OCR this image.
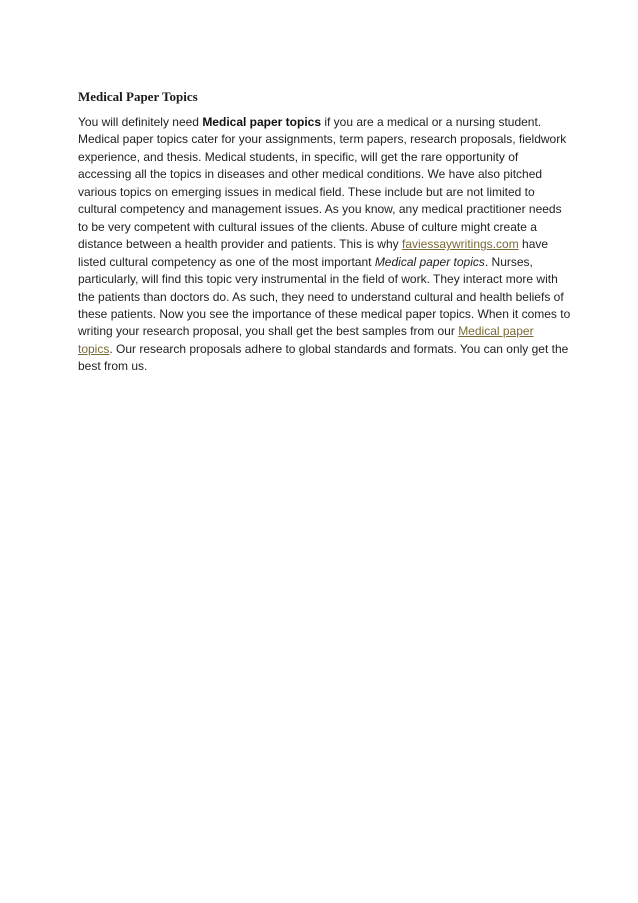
Medical Paper Topics
You will definitely need Medical paper topics if you are a medical or a nursing student.
Medical paper topics cater for your assignments, term papers, research proposals, fieldwork
experience, and thesis. Medical students, in specific, will get the rare opportunity of
accessing all the topics in diseases and other medical conditions. We have also pitched
various topics on emerging issues in medical field. These include but are not limited to
cultural competency and management issues. As you know, any medical practitioner needs
to be very competent with cultural issues of the clients. Abuse of culture might create a
distance between a health provider and patients. This is why faviessaywritings.com have
listed cultural competency as one of the most important Medical paper topics. Nurses,
particularly, will find this topic very instrumental in the field of work. They interact more with
the patients than doctors do. As such, they need to understand cultural and health beliefs of
these patients. Now you see the importance of these medical paper topics. When it comes to
writing your research proposal, you shall get the best samples from our Medical paper
topics. Our research proposals adhere to global standards and formats. You can only get the
best from us.
